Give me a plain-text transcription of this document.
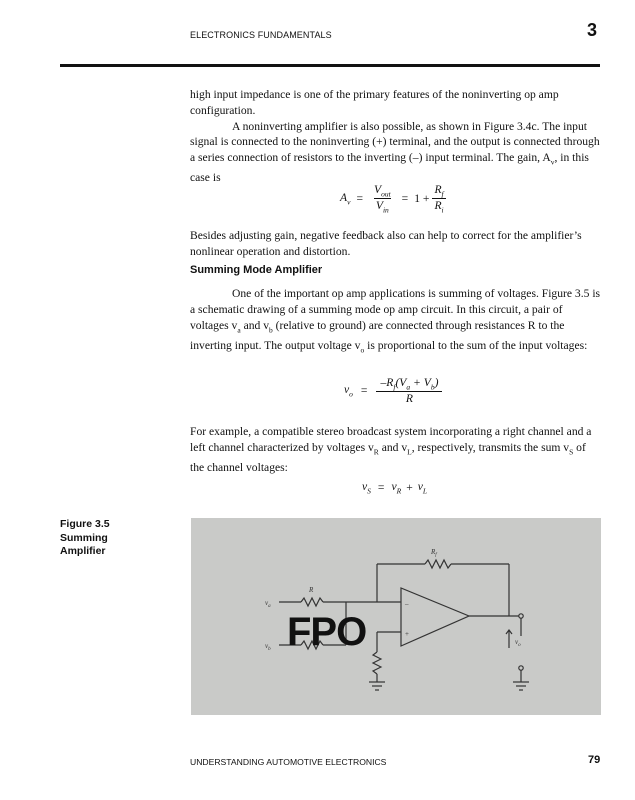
ELECTRONICS FUNDAMENTALS	3

high input impedance is one of the primary features of the noninverting op amp configuration.

A noninverting amplifier is also possible, as shown in Figure 3.4c. The input signal is connected to the noninverting (+) terminal, and the output is connected through a series connection of resistors to the inverting (–) input terminal. The gain, $A_v$, in this case is

$A_v = \frac{V_{out}}{V_{in}} = 1 + \frac{R_f}{R_i}$

Besides adjusting gain, negative feedback also can help to correct for the amplifier’s nonlinear operation and distortion.

Summing Mode Amplifier

One of the important op amp applications is summing of voltages. Figure 3.5 is a schematic drawing of a summing mode op amp circuit. In this circuit, a pair of voltages $v_a$ and $v_b$ (relative to ground) are connected through resistances R to the inverting input. The output voltage $v_o$ is proportional to the sum of the input voltages:

$v_o = \frac{-R_f(V_a + V_b)}{R}$

For example, a compatible stereo broadcast system incorporating a right channel and a left channel characterized by voltages $v_R$ and $v_L$, respectively, transmits the sum $v_S$ of the channel voltages:

$v_S = v_R + v_L$
Figure 3.5
Summing
Amplifier	$R_f$
R
$v_a$
$v_b$
–
+
$v_o$
FPO
UNDERSTANDING AUTOMOTIVE ELECTRONICS	79
